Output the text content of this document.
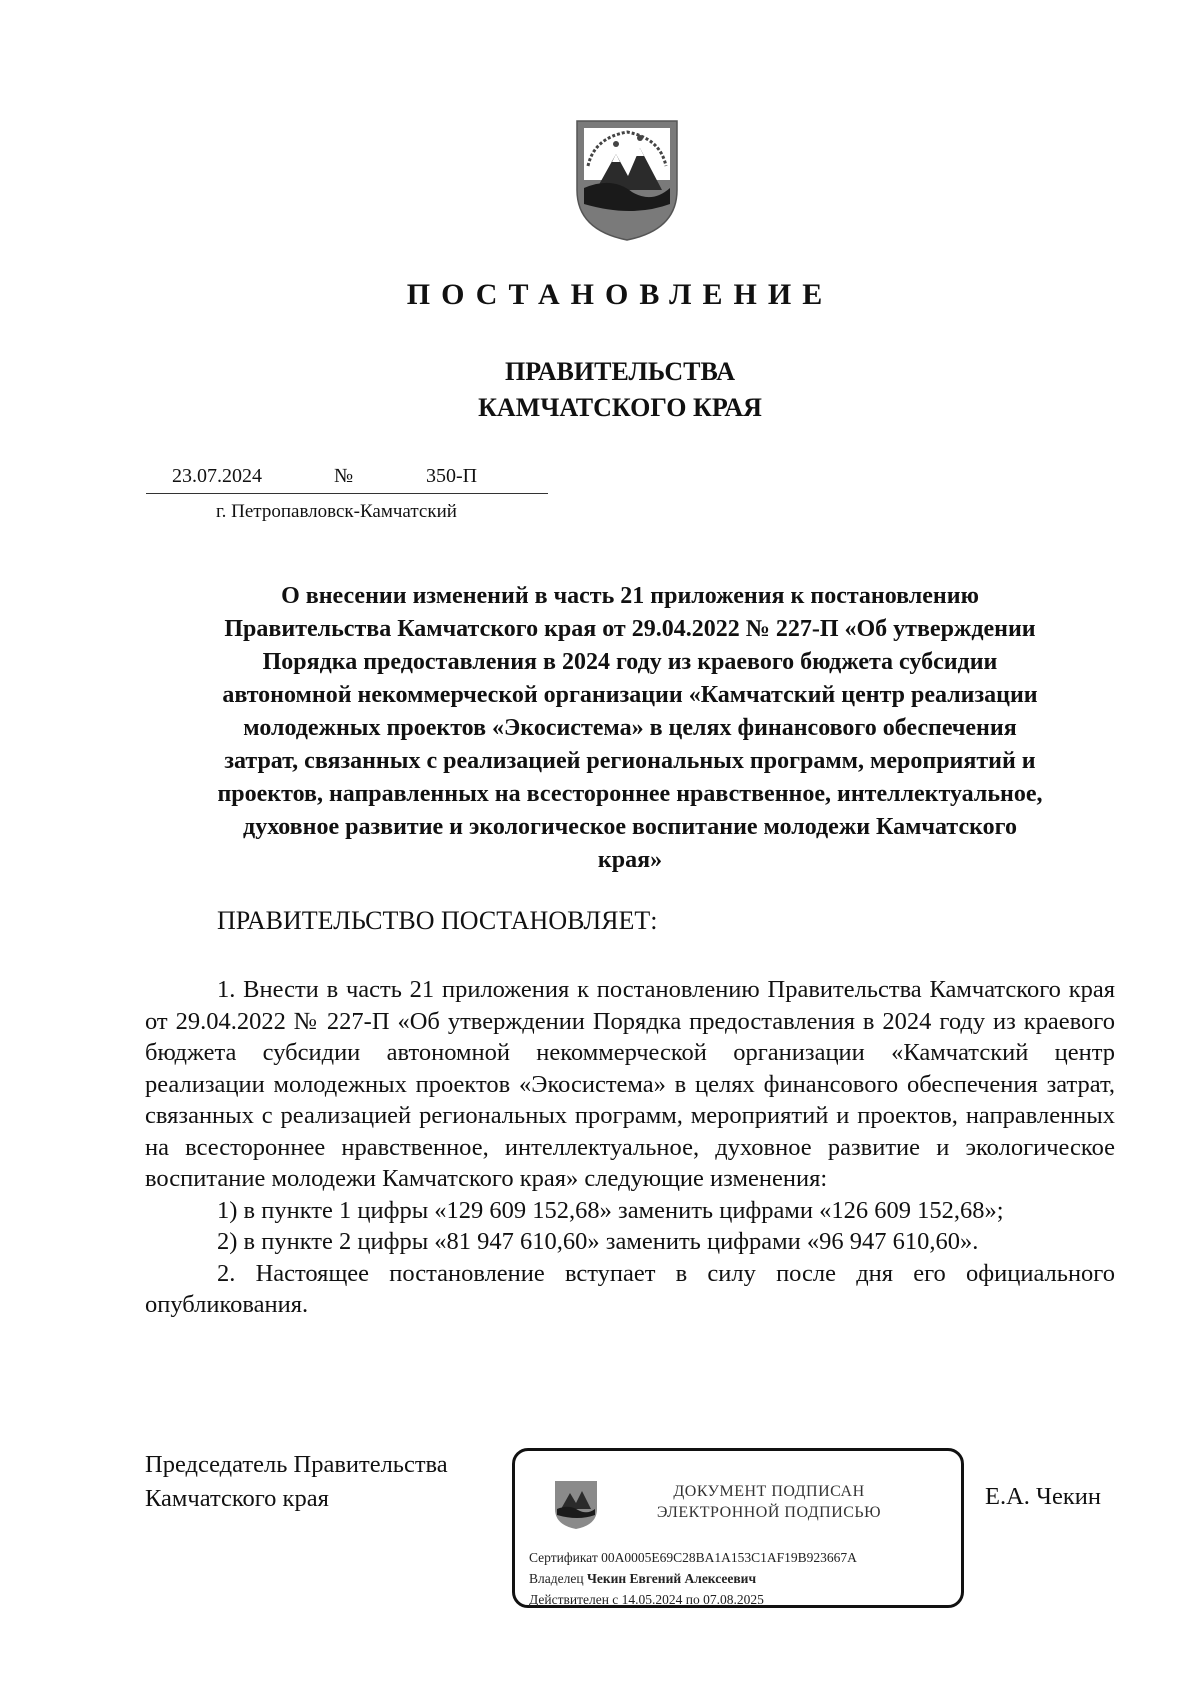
ПОСТАНОВЛЕНИЕ
ПРАВИТЕЛЬСТВА
КАМЧАТСКОГО КРАЯ
23.07.2024	№	350-П
г. Петропавловск-Камчатский
О внесении изменений в часть 21 приложения к постановлению
Правительства Камчатского края от 29.04.2022 № 227-П «Об утверждении
Порядка предоставления в 2024 году из краевого бюджета субсидии
автономной некоммерческой организации «Камчатский центр реализации
молодежных проектов «Экосистема» в целях финансового обеспечения
затрат, связанных с реализацией региональных программ, мероприятий и
проектов, направленных на всестороннее нравственное, интеллектуальное,
духовное развитие и экологическое воспитание молодежи Камчатского
края»
ПРАВИТЕЛЬСТВО ПОСТАНОВЛЯЕТ:

1. Внести в часть 21 приложения к постановлению Правительства Камчатского края от 29.04.2022 № 227-П «Об утверждении Порядка предоставления в 2024 году из краевого бюджета субсидии автономной некоммерческой организации «Камчатский центр реализации молодежных проектов «Экосистема» в целях финансового обеспечения затрат, связанных с реализацией региональных программ, мероприятий и проектов, направленных на всестороннее нравственное, интеллектуальное, духовное развитие и экологическое воспитание молодежи Камчатского края» следующие изменения:

1) в пункте 1 цифры «129 609 152,68» заменить цифрами «126 609 152,68»;

2) в пункте 2 цифры «81 947 610,60» заменить цифрами «96 947 610,60».

2. Настоящее постановление вступает в силу после дня его официального опубликования.

Председатель Правительства
Камчатского края	ДОКУМЕНТ ПОДПИСАН
ЭЛЕКТРОННОЙ ПОДПИСЬЮ
Сертификат 00A0005E69C28BA1A153C1AF19B923667A
Владелец Чекин Евгений Алексеевич
Действителен с 14.05.2024 по 07.08.2025
Е.А. Чекин
